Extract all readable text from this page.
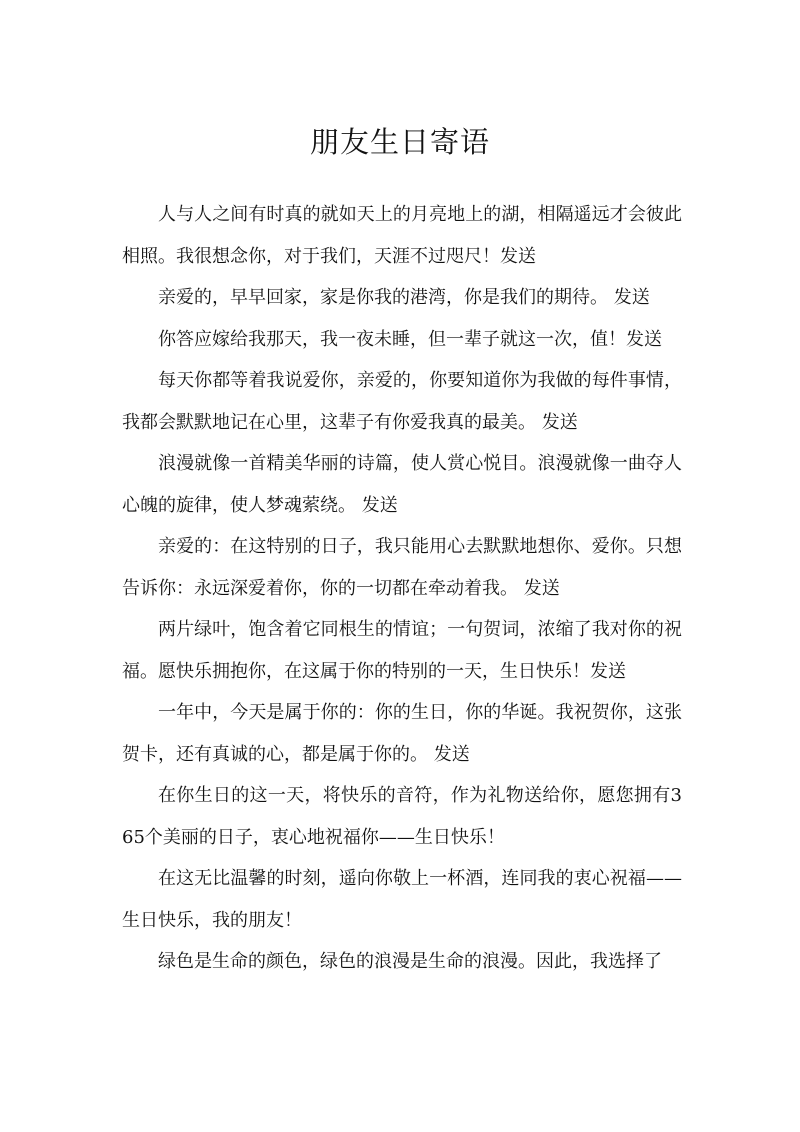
朋友生日寄语

人与人之间有时真的就如天上的月亮地上的湖，相隔遥远才会彼此相照。我很想念你，对于我们，天涯不过咫尺！发送

亲爱的，早早回家，家是你我的港湾，你是我们的期待。 发送

你答应嫁给我那天，我一夜未睡，但一辈子就这一次，值！发送

每天你都等着我说爱你，亲爱的，你要知道你为我做的每件事情，我都会默默地记在心里，这辈子有你爱我真的最美。 发送

浪漫就像一首精美华丽的诗篇，使人赏心悦目。浪漫就像一曲夺人心魄的旋律，使人梦魂萦绕。 发送

亲爱的：在这特别的日子，我只能用心去默默地想你、爱你。只想告诉你：永远深爱着你，你的一切都在牵动着我。 发送

两片绿叶，饱含着它同根生的情谊；一句贺词，浓缩了我对你的祝福。愿快乐拥抱你，在这属于你的特别的一天，生日快乐！发送

一年中，今天是属于你的：你的生日，你的华诞。我祝贺你，这张贺卡，还有真诚的心，都是属于你的。 发送

在你生日的这一天，将快乐的音符，作为礼物送给你，愿您拥有365个美丽的日子，衷心地祝福你——生日快乐！

在这无比温馨的时刻，遥向你敬上一杯酒，连同我的衷心祝福——生日快乐，我的朋友！

绿色是生命的颜色，绿色的浪漫是生命的浪漫。因此，我选择了
